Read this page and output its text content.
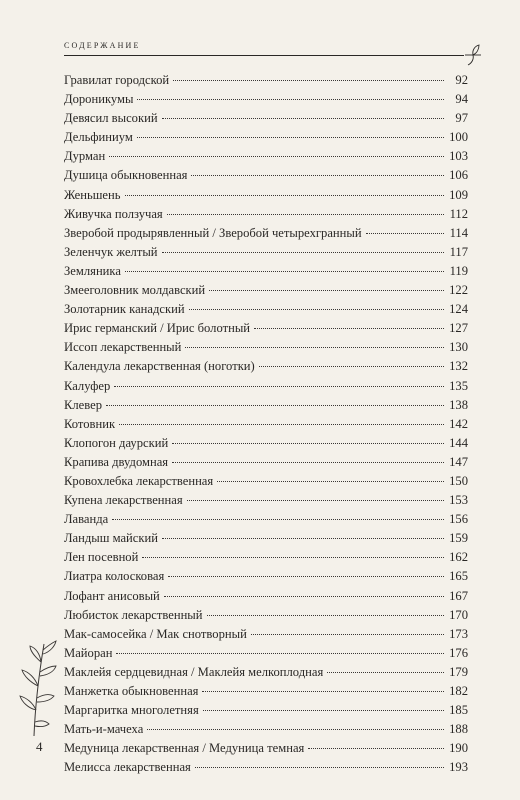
содержание
Гравилат городской	92
Дороникумы	94
Девясил высокий	97
Дельфиниум	100
Дурман	103
Душица обыкновенная	106
Женьшень	109
Живучка ползучая	112
Зверобой продырявленный / Зверобой четырехгранный	114
Зеленчук желтый	117
Земляника	119
Змееголовник молдавский	122
Золотарник канадский	124
Ирис германский / Ирис болотный	127
Иссоп лекарственный	130
Календула лекарственная (ноготки)	132
Калуфер	135
Клевер	138
Котовник	142
Клопогон даурский	144
Крапива двудомная	147
Кровохлебка лекарственная	150
Купена лекарственная	153
Лаванда	156
Ландыш майский	159
Лен посевной	162
Лиатра колосковая	165
Лофант анисовый	167
Любисток лекарственный	170
Мак-самосейка / Мак снотворный	173
Майоран	176
Маклейя сердцевидная / Маклейя мелкоплодная	179
Манжетка обыкновенная	182
Маргаритка многолетняя	185
Мать-и-мачеха	188
Медуница лекарственная / Медуница темная	190
Мелисса лекарственная	193
4
